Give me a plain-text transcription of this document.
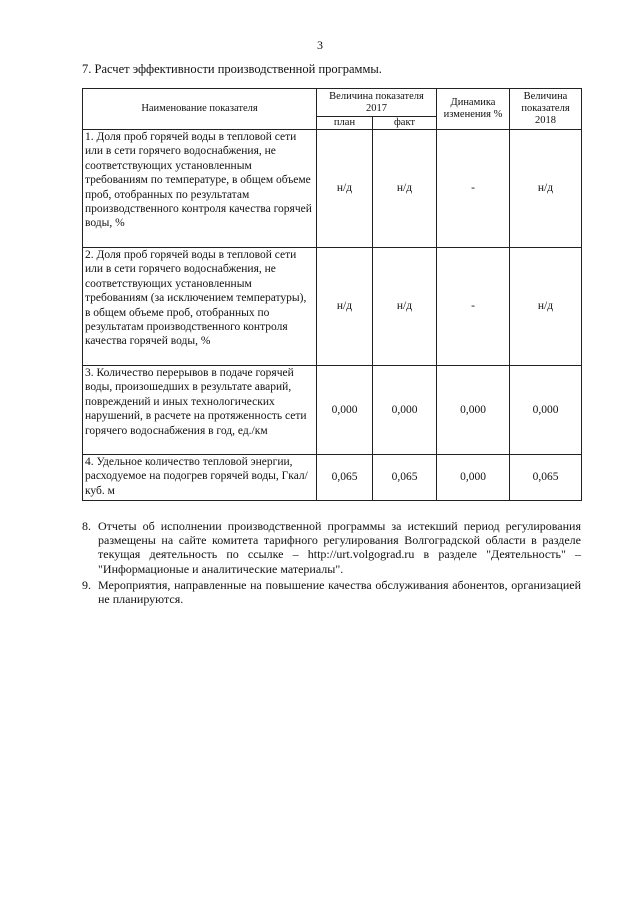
3
7. Расчет эффективности производственной программы.
Наименование показателя	Величина показателя 2017		Динамика изменения %	Величина показателя 2018
	план	факт		
1. Доля проб горячей воды в тепловой сети или в сети горячего водоснабжения, не соответствующих установленным требованиям по температуре, в общем объеме проб, отобранных по результатам производственного контроля качества горячей воды, %	н/д	н/д	-	н/д
2. Доля проб горячей воды в тепловой сети или в сети горячего водоснабжения, не соответствующих установленным требованиям (за исключением температуры), в общем объеме проб, отобранных по результатам производственного контроля качества горячей воды, %	н/д	н/д	-	н/д
3. Количество перерывов в подаче горячей воды, произошедших в результате аварий, повреждений и иных технологических нарушений, в расчете на протяженность сети горячего водоснабжения в год, ед./км	0,000	0,000	0,000	0,000
4. Удельное количество тепловой энергии, расходуемое на подогрев горячей воды, Гкал/куб. м	0,065	0,065	0,000	0,065
8. Отчеты об исполнении производственной программы за истекший период регулирования размещены на сайте комитета тарифного регулирования Волгоградской области в разделе текущая деятельность по ссылке – http://urt.volgograd.ru в разделе "Деятельность" – "Информационые и аналитические материалы".
9. Мероприятия, направленные на повышение качества обслуживания абонентов, организацией не планируются.
